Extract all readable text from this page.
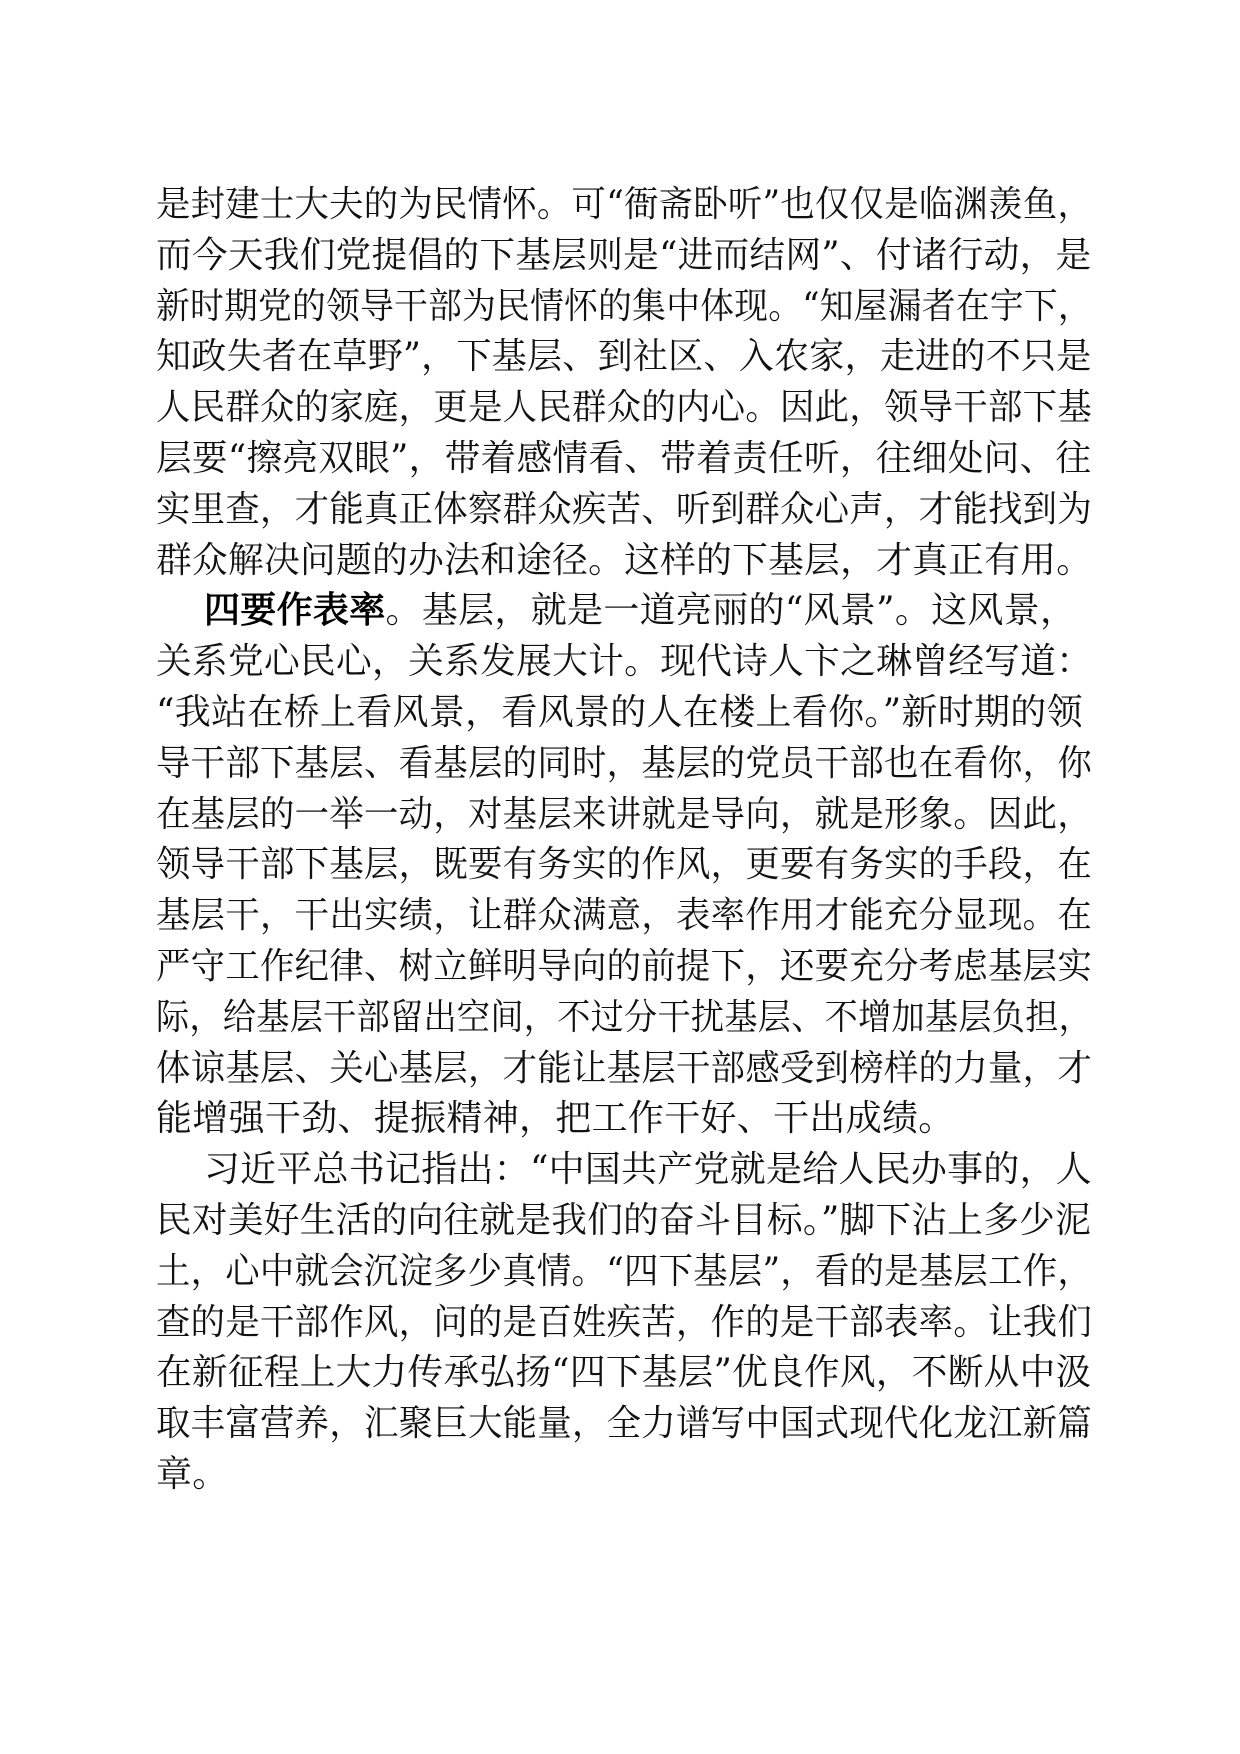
是封建士大夫的为民情怀。可“衙斋卧听”也仅仅是临渊羡鱼，
而今天我们党提倡的下基层则是“进而结网”、付诸行动，是
新时期党的领导干部为民情怀的集中体现。“知屋漏者在宇下，
知政失者在草野”，下基层、到社区、入农家，走进的不只是
人民群众的家庭，更是人民群众的内心。因此，领导干部下基
层要“擦亮双眼”，带着感情看、带着责任听，往细处问、往
实里查，才能真正体察群众疾苦、听到群众心声，才能找到为
群众解决问题的办法和途径。这样的下基层，才真正有用。
四要作表率。基层，就是一道亮丽的“风景”。这风景，
关系党心民心，关系发展大计。现代诗人卞之琳曾经写道：
“我站在桥上看风景，看风景的人在楼上看你。”新时期的领
导干部下基层、看基层的同时，基层的党员干部也在看你，你
在基层的一举一动，对基层来讲就是导向，就是形象。因此，
领导干部下基层，既要有务实的作风，更要有务实的手段，在
基层干，干出实绩，让群众满意，表率作用才能充分显现。在
严守工作纪律、树立鲜明导向的前提下，还要充分考虑基层实
际，给基层干部留出空间，不过分干扰基层、不增加基层负担，
体谅基层、关心基层，才能让基层干部感受到榜样的力量，才
能增强干劲、提振精神，把工作干好、干出成绩。
习近平总书记指出：“中国共产党就是给人民办事的，人
民对美好生活的向往就是我们的奋斗目标。”脚下沾上多少泥
土，心中就会沉淀多少真情。“四下基层”，看的是基层工作，
查的是干部作风，问的是百姓疾苦，作的是干部表率。让我们
在新征程上大力传承弘扬“四下基层”优良作风，不断从中汲
取丰富营养，汇聚巨大能量，全力谱写中国式现代化龙江新篇
章。
